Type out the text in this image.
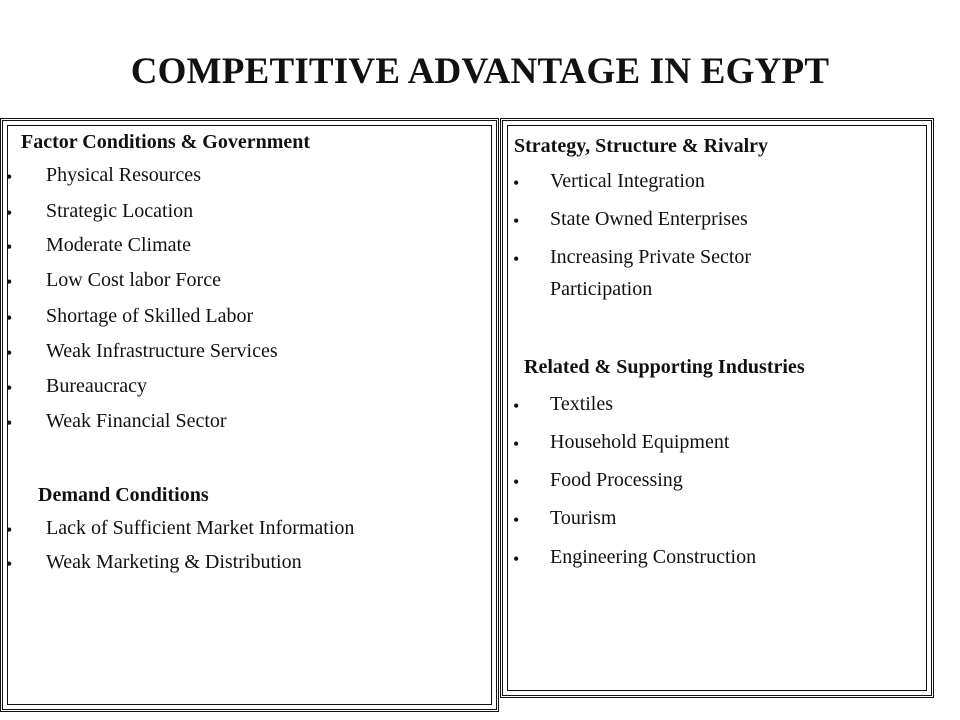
COMPETITIVE ADVANTAGE IN EGYPT
Factor Conditions & Government
• Physical Resources
• Strategic Location
• Moderate Climate
• Low Cost labor Force
• Shortage of Skilled Labor
• Weak Infrastructure Services
• Bureaucracy
• Weak Financial Sector
Demand Conditions
• Lack of Sufficient Market Information
• Weak Marketing & Distribution
Strategy, Structure & Rivalry
• Vertical Integration
• State Owned Enterprises
• Increasing Private Sector Participation
Related & Supporting Industries
• Textiles
• Household Equipment
• Food Processing
• Tourism
• Engineering Construction
